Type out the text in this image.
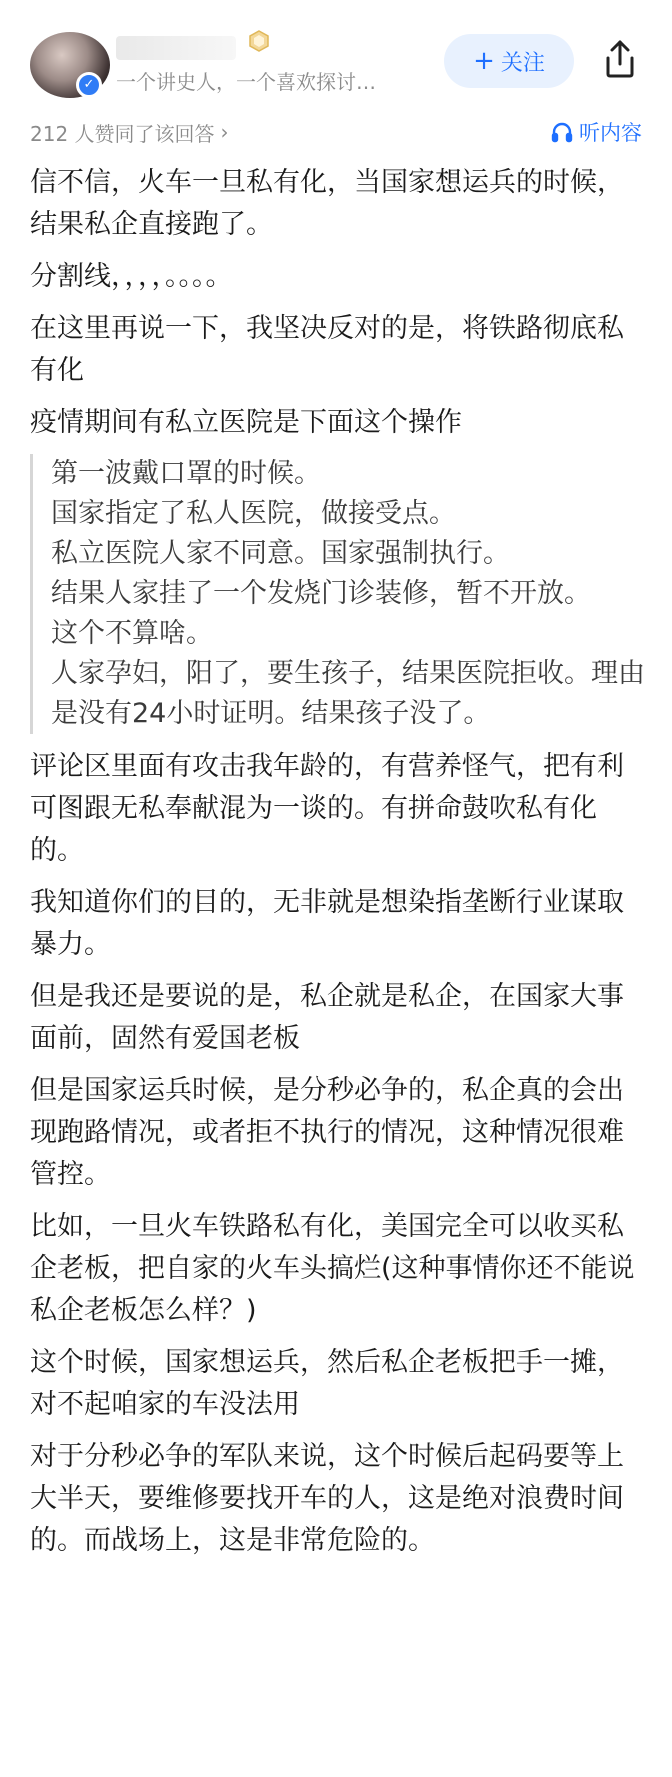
✓	一个讲史人，一个喜欢探讨…
+ 关注
212 人赞同了该回答 ›	听内容

信不信，火车一旦私有化，当国家想运兵的时候，结果私企直接跑了。

分割线，，，，。。。。

在这里再说一下，我坚决反对的是，将铁路彻底私有化

疫情期间有私立医院是下面这个操作

第一波戴口罩的时候。

国家指定了私人医院，做接受点。

私立医院人家不同意。国家强制执行。

结果人家挂了一个发烧门诊装修，暂不开放。

这个不算啥。

人家孕妇，阳了，要生孩子，结果医院拒收。理由是没有24小时证明。结果孩子没了。

评论区里面有攻击我年龄的，有营养怪气，把有利可图跟无私奉献混为一谈的。有拼命鼓吹私有化的。

我知道你们的目的，无非就是想染指垄断行业谋取暴力。

但是我还是要说的是，私企就是私企，在国家大事面前，固然有爱国老板

但是国家运兵时候，是分秒必争的，私企真的会出现跑路情况，或者拒不执行的情况，这种情况很难管控。

比如，一旦火车铁路私有化，美国完全可以收买私企老板，把自家的火车头搞烂(这种事情你还不能说私企老板怎么样？)

这个时候，国家想运兵，然后私企老板把手一摊，对不起咱家的车没法用

对于分秒必争的军队来说，这个时候后起码要等上大半天，要维修要找开车的人，这是绝对浪费时间的。而战场上，这是非常危险的。
